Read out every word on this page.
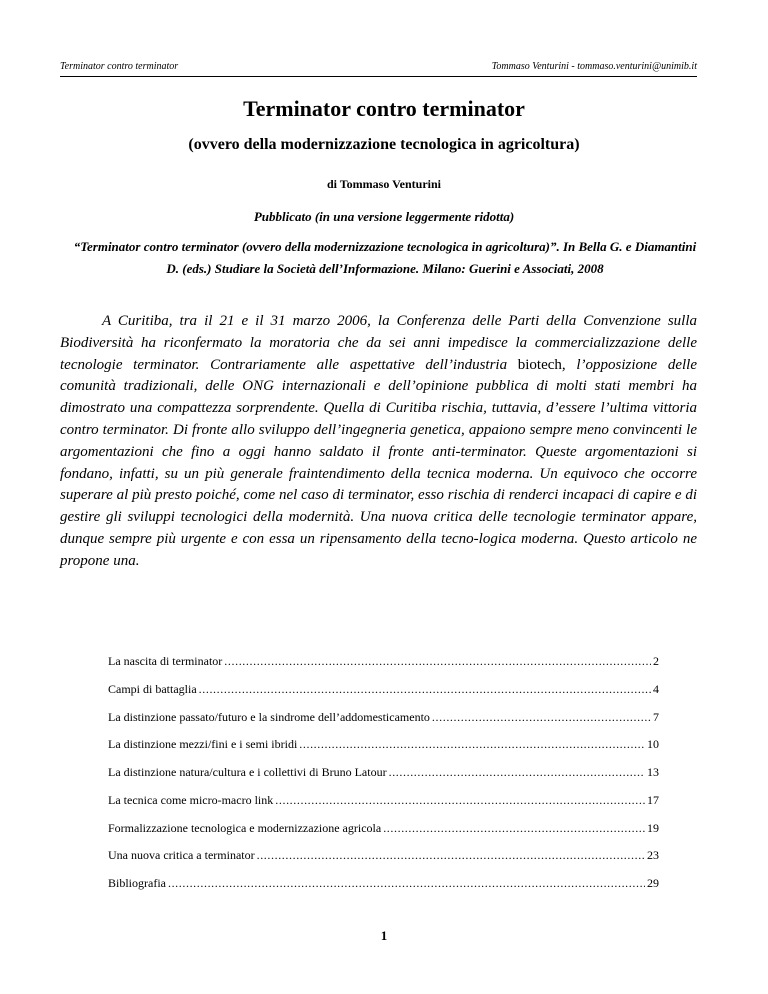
Terminator contro terminator	Tommaso Venturini - tommaso.venturini@unimib.it
Terminator contro terminator
(ovvero della modernizzazione tecnologica in agricoltura)
di Tommaso Venturini
Pubblicato (in una versione leggermente ridotta)
“Terminator contro terminator (ovvero della modernizzazione tecnologica in agricoltura)”. In Bella G. e Diamantini D. (eds.) Studiare la Società dell’Informazione. Milano: Guerini e Associati, 2008

A Curitiba, tra il 21 e il 31 marzo 2006, la Conferenza delle Parti della Convenzione sulla Biodiversità ha riconfermato la moratoria che da sei anni impedisce la commercializzazione delle tecnologie terminator. Contrariamente alle aspettative dell’industria biotech, l’opposizione delle comunità tradizionali, delle ONG internazionali e dell’opinione pubblica di molti stati membri ha dimostrato una compattezza sorprendente. Quella di Curitiba rischia, tuttavia, d’essere l’ultima vittoria contro terminator. Di fronte allo sviluppo dell’ingegneria genetica, appaiono sempre meno convincenti le argomentazioni che fino a oggi hanno saldato il fronte anti-terminator. Queste argomentazioni si fondano, infatti, su un più generale fraintendimento della tecnica moderna. Un equivoco che occorre superare al più presto poiché, come nel caso di terminator, esso rischia di renderci incapaci di capire e di gestire gli sviluppi tecnologici della modernità. Una nuova critica delle tecnologie terminator appare, dunque sempre più urgente e con essa un ripensamento della tecno-logica moderna. Questo articolo ne propone una.

La nascita di terminator .....	2
Campi di battaglia .....	4
La distinzione passato/futuro e la sindrome dell’addomesticamento .....	7
La distinzione mezzi/fini e i semi ibridi .....	10
La distinzione natura/cultura e i collettivi di Bruno Latour .....	13
La tecnica come micro-macro link .....	17
Formalizzazione tecnologica e modernizzazione agricola .....	19
Una nuova critica a terminator .....	23
Bibliografia .....	29
1
